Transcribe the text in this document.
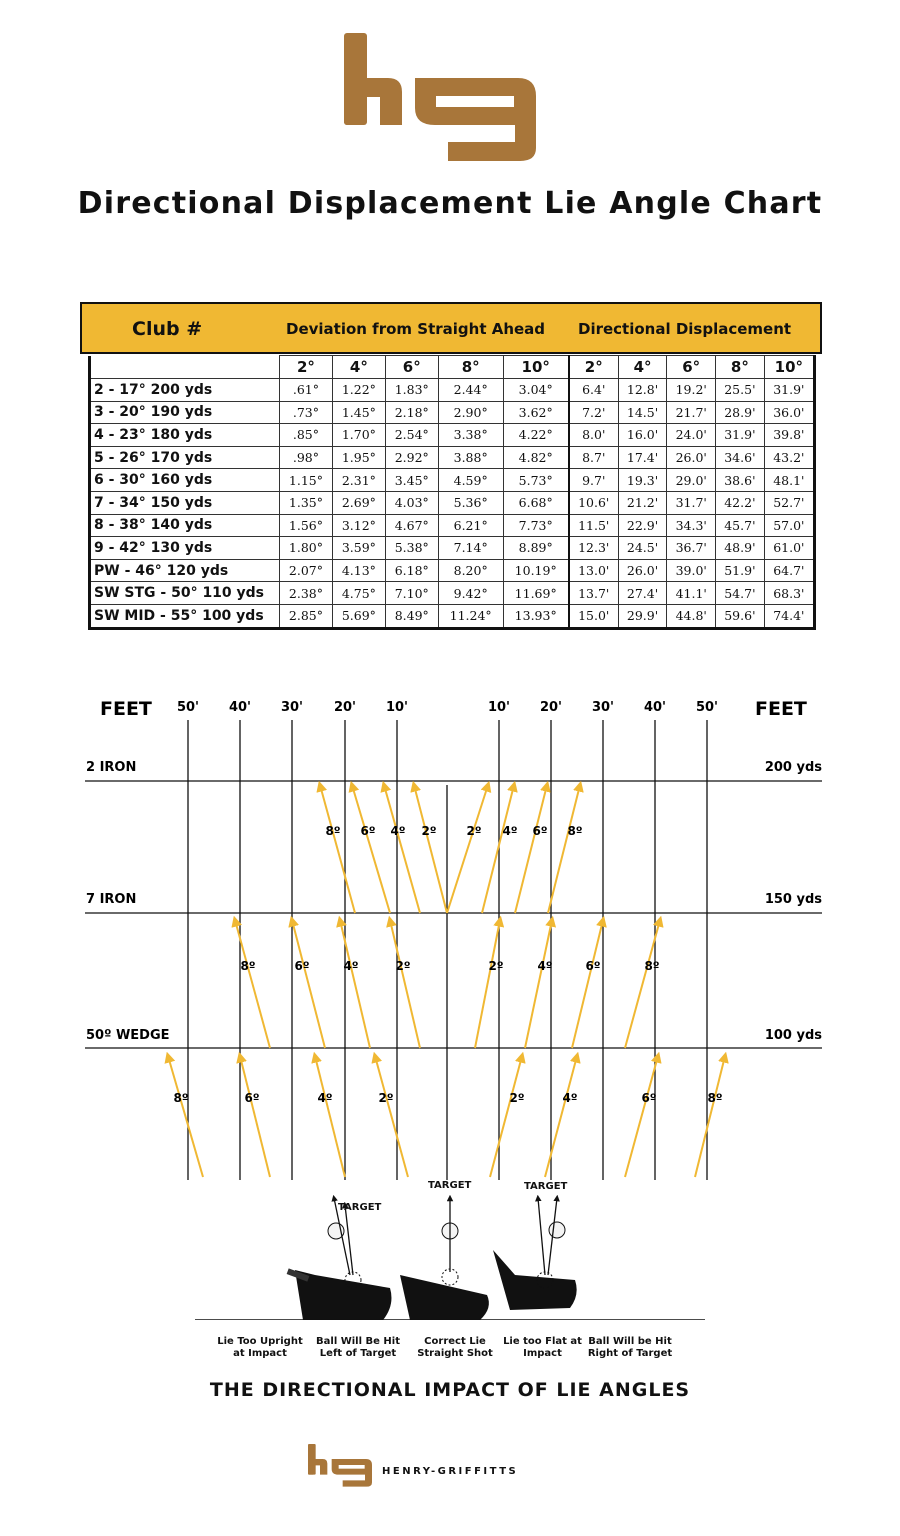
Directional Displacement Lie Angle Chart
Club #	Deviation from Straight Ahead Directional Displacement
	2°	4°	6°	8°	10°	2°	4°	6°	8°	10°
2 - 17° 200 yds	.61°	1.22°	1.83°	2.44°	3.04°	6.4'	12.8'	19.2'	25.5'	31.9'
3 - 20° 190 yds	.73°	1.45°	2.18°	2.90°	3.62°	7.2'	14.5'	21.7'	28.9'	36.0'
4 - 23° 180 yds	.85°	1.70°	2.54°	3.38°	4.22°	8.0'	16.0'	24.0'	31.9'	39.8'
5 - 26° 170 yds	.98°	1.95°	2.92°	3.88°	4.82°	8.7'	17.4'	26.0'	34.6'	43.2'
6 - 30° 160 yds	1.15°	2.31°	3.45°	4.59°	5.73°	9.7'	19.3'	29.0'	38.6'	48.1'
7 - 34° 150 yds	1.35°	2.69°	4.03°	5.36°	6.68°	10.6'	21.2'	31.7'	42.2'	52.7'
8 - 38° 140 yds	1.56°	3.12°	4.67°	6.21°	7.73°	11.5'	22.9'	34.3'	45.7'	57.0'
9 - 42° 130 yds	1.80°	3.59°	5.38°	7.14°	8.89°	12.3'	24.5'	36.7'	48.9'	61.0'
PW - 46° 120 yds	2.07°	4.13°	6.18°	8.20°	10.19°	13.0'	26.0'	39.0'	51.9'	64.7'
SW STG - 50° 110 yds	2.38°	4.75°	7.10°	9.42°	11.69°	13.7'	27.4'	41.1'	54.7'	68.3'
SW MID - 55° 100 yds	2.85°	5.69°	8.49°	11.24°	13.93°	15.0'	29.9'	44.8'	59.6'	74.4'
FEET	FEET
50' 40' 30' 20' 10'	10' 20' 30' 40' 50'
2 IRON	200 yds
7 IRON	150 yds
50º WEDGE	100 yds
8º 6º 4º 2º 2º 4º 6º 8º
8º	6º	4º	2º	2º	4º	6º	8º
8º	6º	4º	2º	2º	4º	6º	8º
TARGET
TARGET	TARGET
Lie Too Upright at Impact
Ball Will Be Hit Left of Target
Correct Lie Straight Shot
Lie too Flat at Impact
Ball Will be Hit Right of Target
THE DIRECTIONAL IMPACT OF LIE ANGLES
HENRY-GRIFFITTS
